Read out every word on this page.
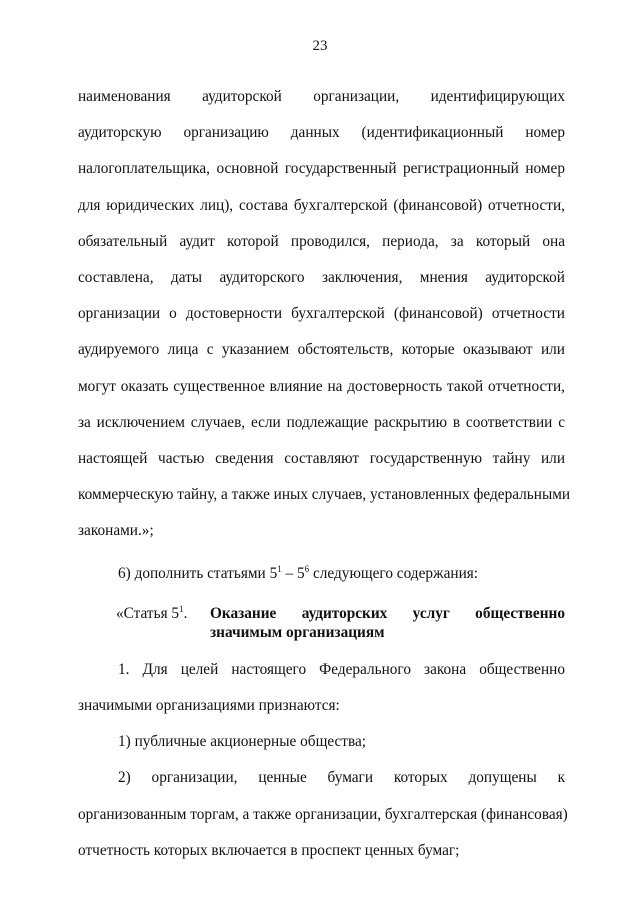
23
наименования аудиторской организации, идентифицирующих
аудиторскую организацию данных (идентификационный номер
налогоплательщика, основной государственный регистрационный номер
для юридических лиц), состава бухгалтерской (финансовой) отчетности,
обязательный аудит которой проводился, периода, за который она
составлена, даты аудиторского заключения, мнения аудиторской
организации о достоверности бухгалтерской (финансовой) отчетности
аудируемого лица с указанием обстоятельств, которые оказывают или
могут оказать существенное влияние на достоверность такой отчетности,
за исключением случаев, если подлежащие раскрытию в соответствии с
настоящей частью сведения составляют государственную тайну или
коммерческую тайну, а также иных случаев, установленных федеральными
законами.»;

6) дополнить статьями $5^1 - 5^6$ следующего содержания:

«Статья $5^1$.	Оказание аудиторских услуг общественно
значимым организациям
1. Для целей настоящего Федерального закона общественно
значимыми организациями признаются:

1) публичные акционерные общества;

2) организации, ценные бумаги которых допущены к
организованным торгам, а также организации, бухгалтерская (финансовая)
отчетность которых включается в проспект ценных бумаг;
